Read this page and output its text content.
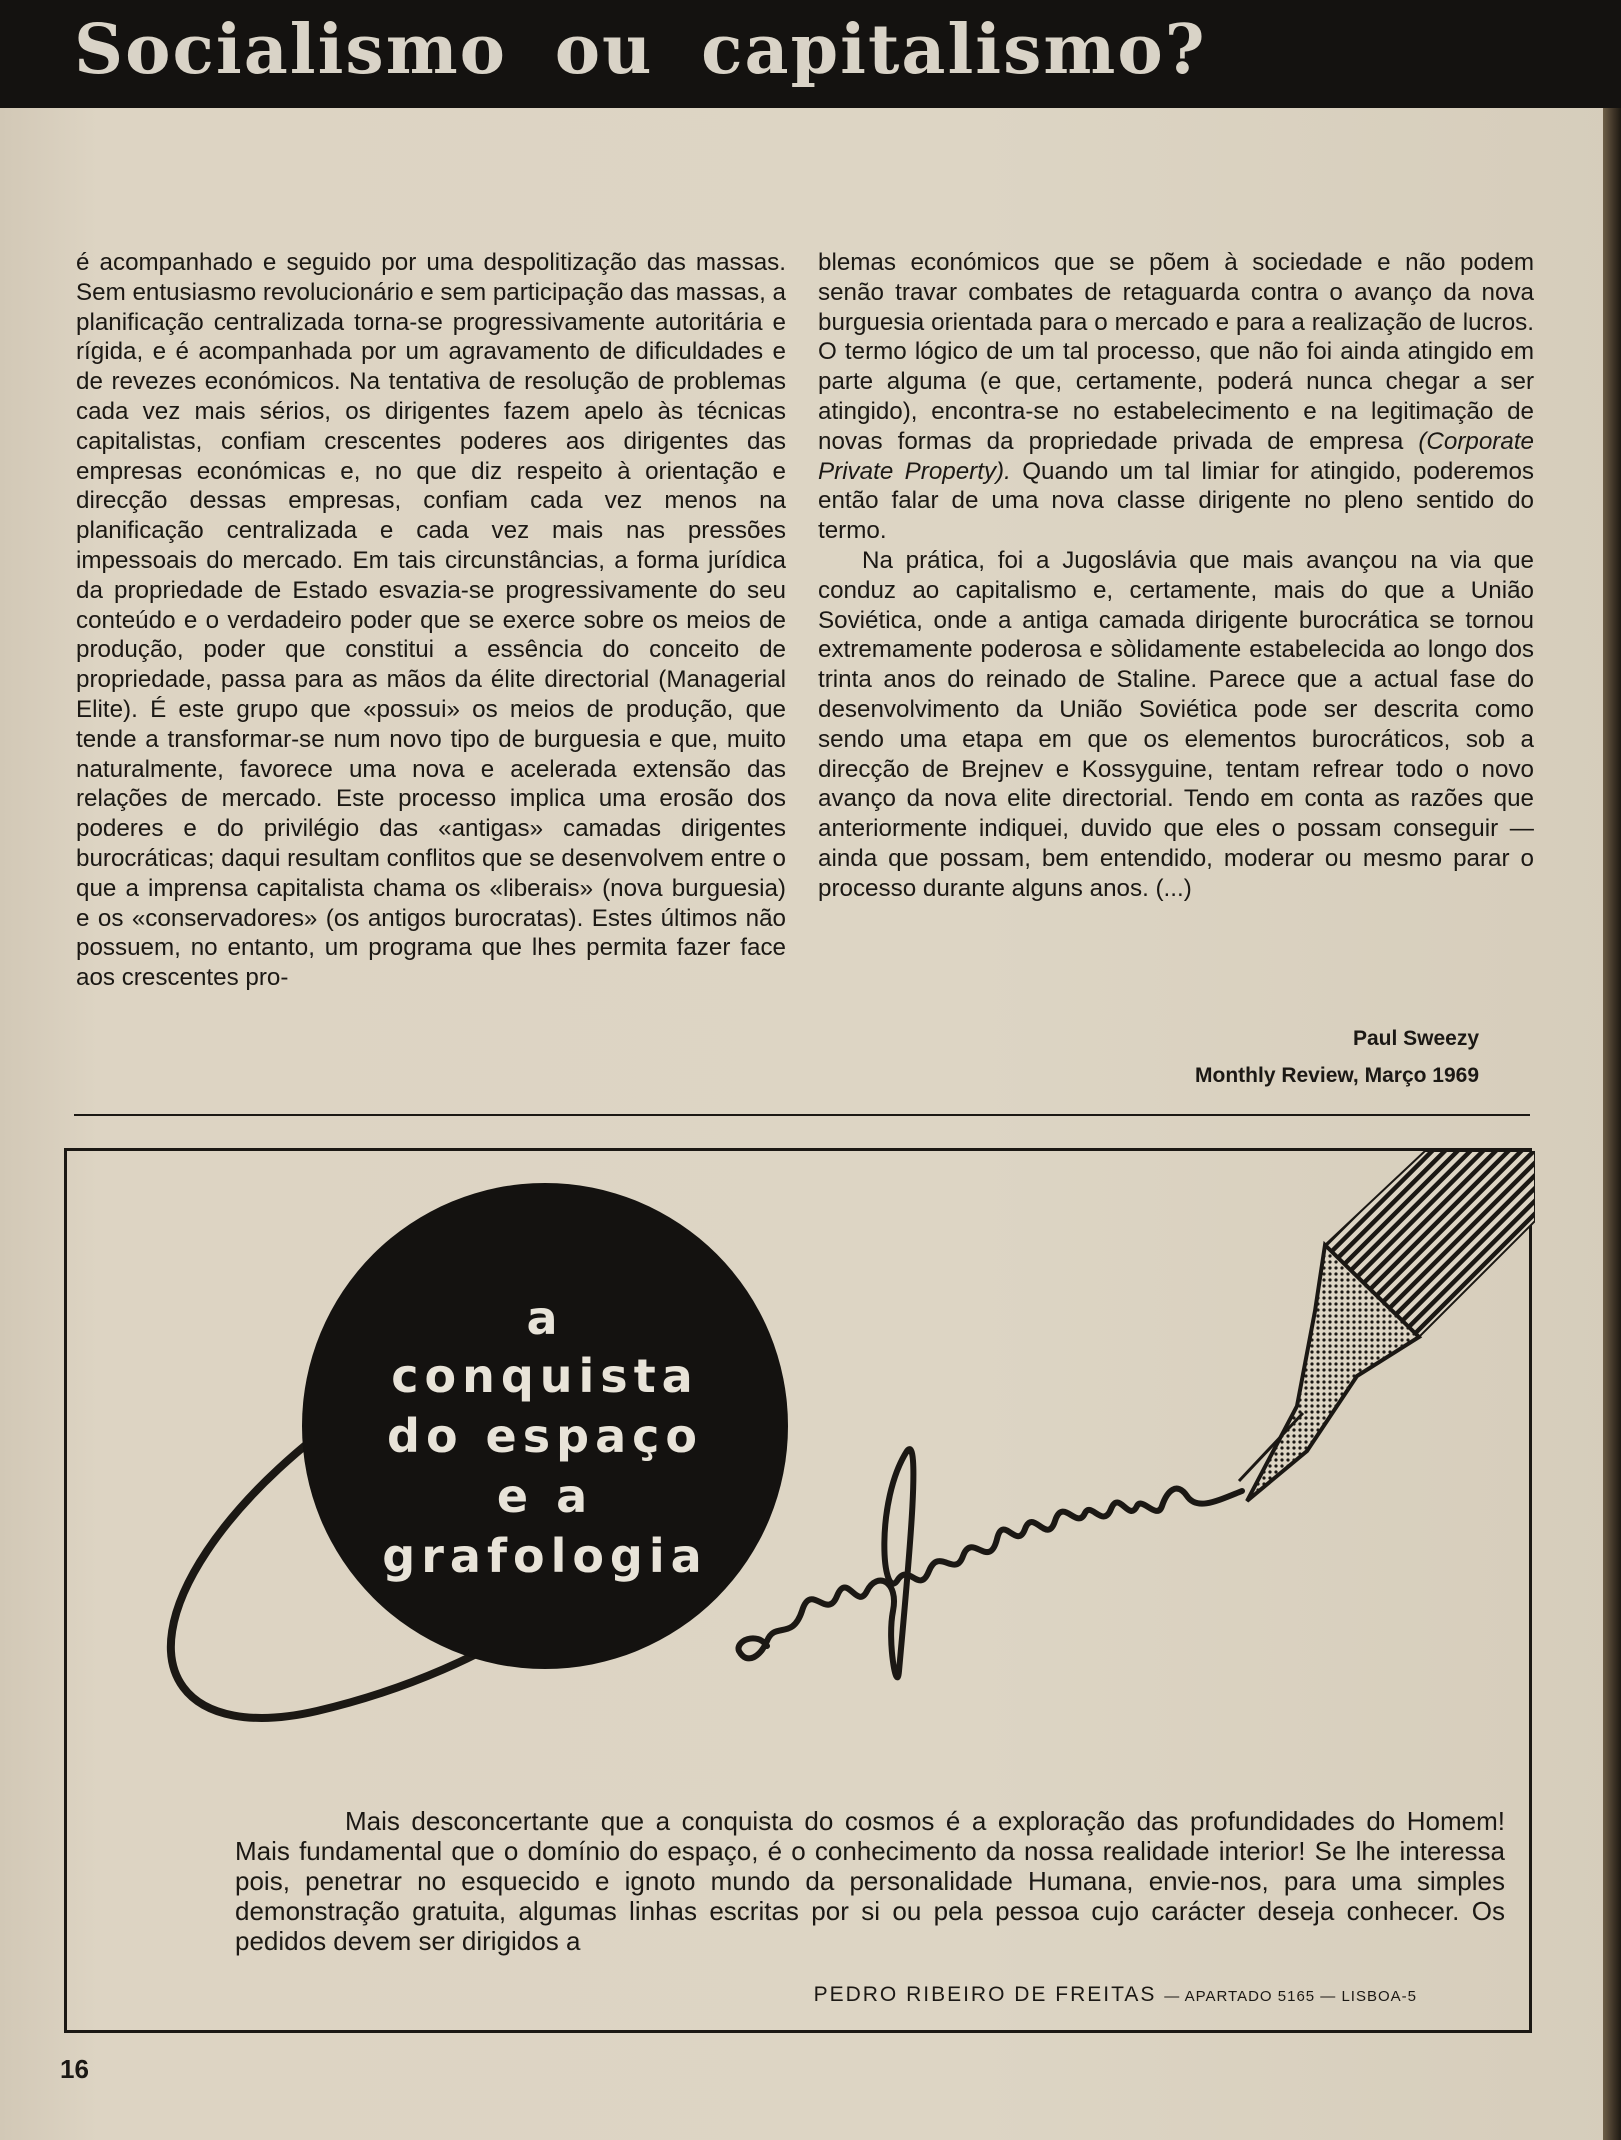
Socialismo ou capitalismo?

é acompanhado e seguido por uma despolitização das massas. Sem entusiasmo revolucionário e sem participação das massas, a planificação centralizada torna-se progressivamente autoritária e rígida, e é acompanhada por um agravamento de dificuldades e de revezes económicos. Na tentativa de resolução de problemas cada vez mais sérios, os dirigentes fazem apelo às técnicas capitalistas, confiam crescentes poderes aos dirigentes das empresas económicas e, no que diz respeito à orientação e direcção dessas empresas, confiam cada vez menos na planificação centralizada e cada vez mais nas pressões impessoais do mercado. Em tais circunstâncias, a forma jurídica da propriedade de Estado esvazia-se progressivamente do seu conteúdo e o verdadeiro poder que se exerce sobre os meios de produção, poder que constitui a essência do conceito de propriedade, passa para as mãos da élite directorial (Managerial Elite). É este grupo que «possui» os meios de produção, que tende a transformar-se num novo tipo de burguesia e que, muito naturalmente, favorece uma nova e acelerada extensão das relações de mercado. Este processo implica uma erosão dos poderes e do privilégio das «antigas» camadas dirigentes burocráticas; daqui resultam conflitos que se desenvolvem entre o que a imprensa capitalista chama os «liberais» (nova burguesia) e os «conservadores» (os antigos burocratas). Estes últimos não possuem, no entanto, um programa que lhes permita fazer face aos crescentes pro-

blemas económicos que se põem à sociedade e não podem senão travar combates de retaguarda contra o avanço da nova burguesia orientada para o mercado e para a realização de lucros. O termo lógico de um tal processo, que não foi ainda atingido em parte alguma (e que, certamente, poderá nunca chegar a ser atingido), encontra-se no estabelecimento e na legitimação de novas formas da propriedade privada de empresa (Corporate Private Property). Quando um tal limiar for atingido, poderemos então falar de uma nova classe dirigente no pleno sentido do termo.

Na prática, foi a Jugoslávia que mais avançou na via que conduz ao capitalismo e, certamente, mais do que a União Soviética, onde a antiga camada dirigente burocrática se tornou extremamente poderosa e sòlidamente estabelecida ao longo dos trinta anos do reinado de Staline. Parece que a actual fase do desenvolvimento da União Soviética pode ser descrita como sendo uma etapa em que os elementos burocráticos, sob a direcção de Brejnev e Kossyguine, tentam refrear todo o novo avanço da nova elite directorial. Tendo em conta as razões que anteriormente indiquei, duvido que eles o possam conseguir — ainda que possam, bem entendido, moderar ou mesmo parar o processo durante alguns anos. (...)

Paul Sweezy
Monthly Review, Março 1969
a
conquista
do espaço
e a
grafologia

Mais desconcertante que a conquista do cosmos é a exploração das profundidades do Homem! Mais fundamental que o domínio do espaço, é o conhecimento da nossa realidade interior! Se lhe interessa pois, penetrar no esquecido e ignoto mundo da personalidade Humana, envie-nos, para uma simples demonstração gratuita, algumas linhas escritas por si ou pela pessoa cujo carácter deseja conhecer. Os pedidos devem ser dirigidos a

PEDRO RIBEIRO DE FREITAS — APARTADO 5165 — LISBOA-5
16
